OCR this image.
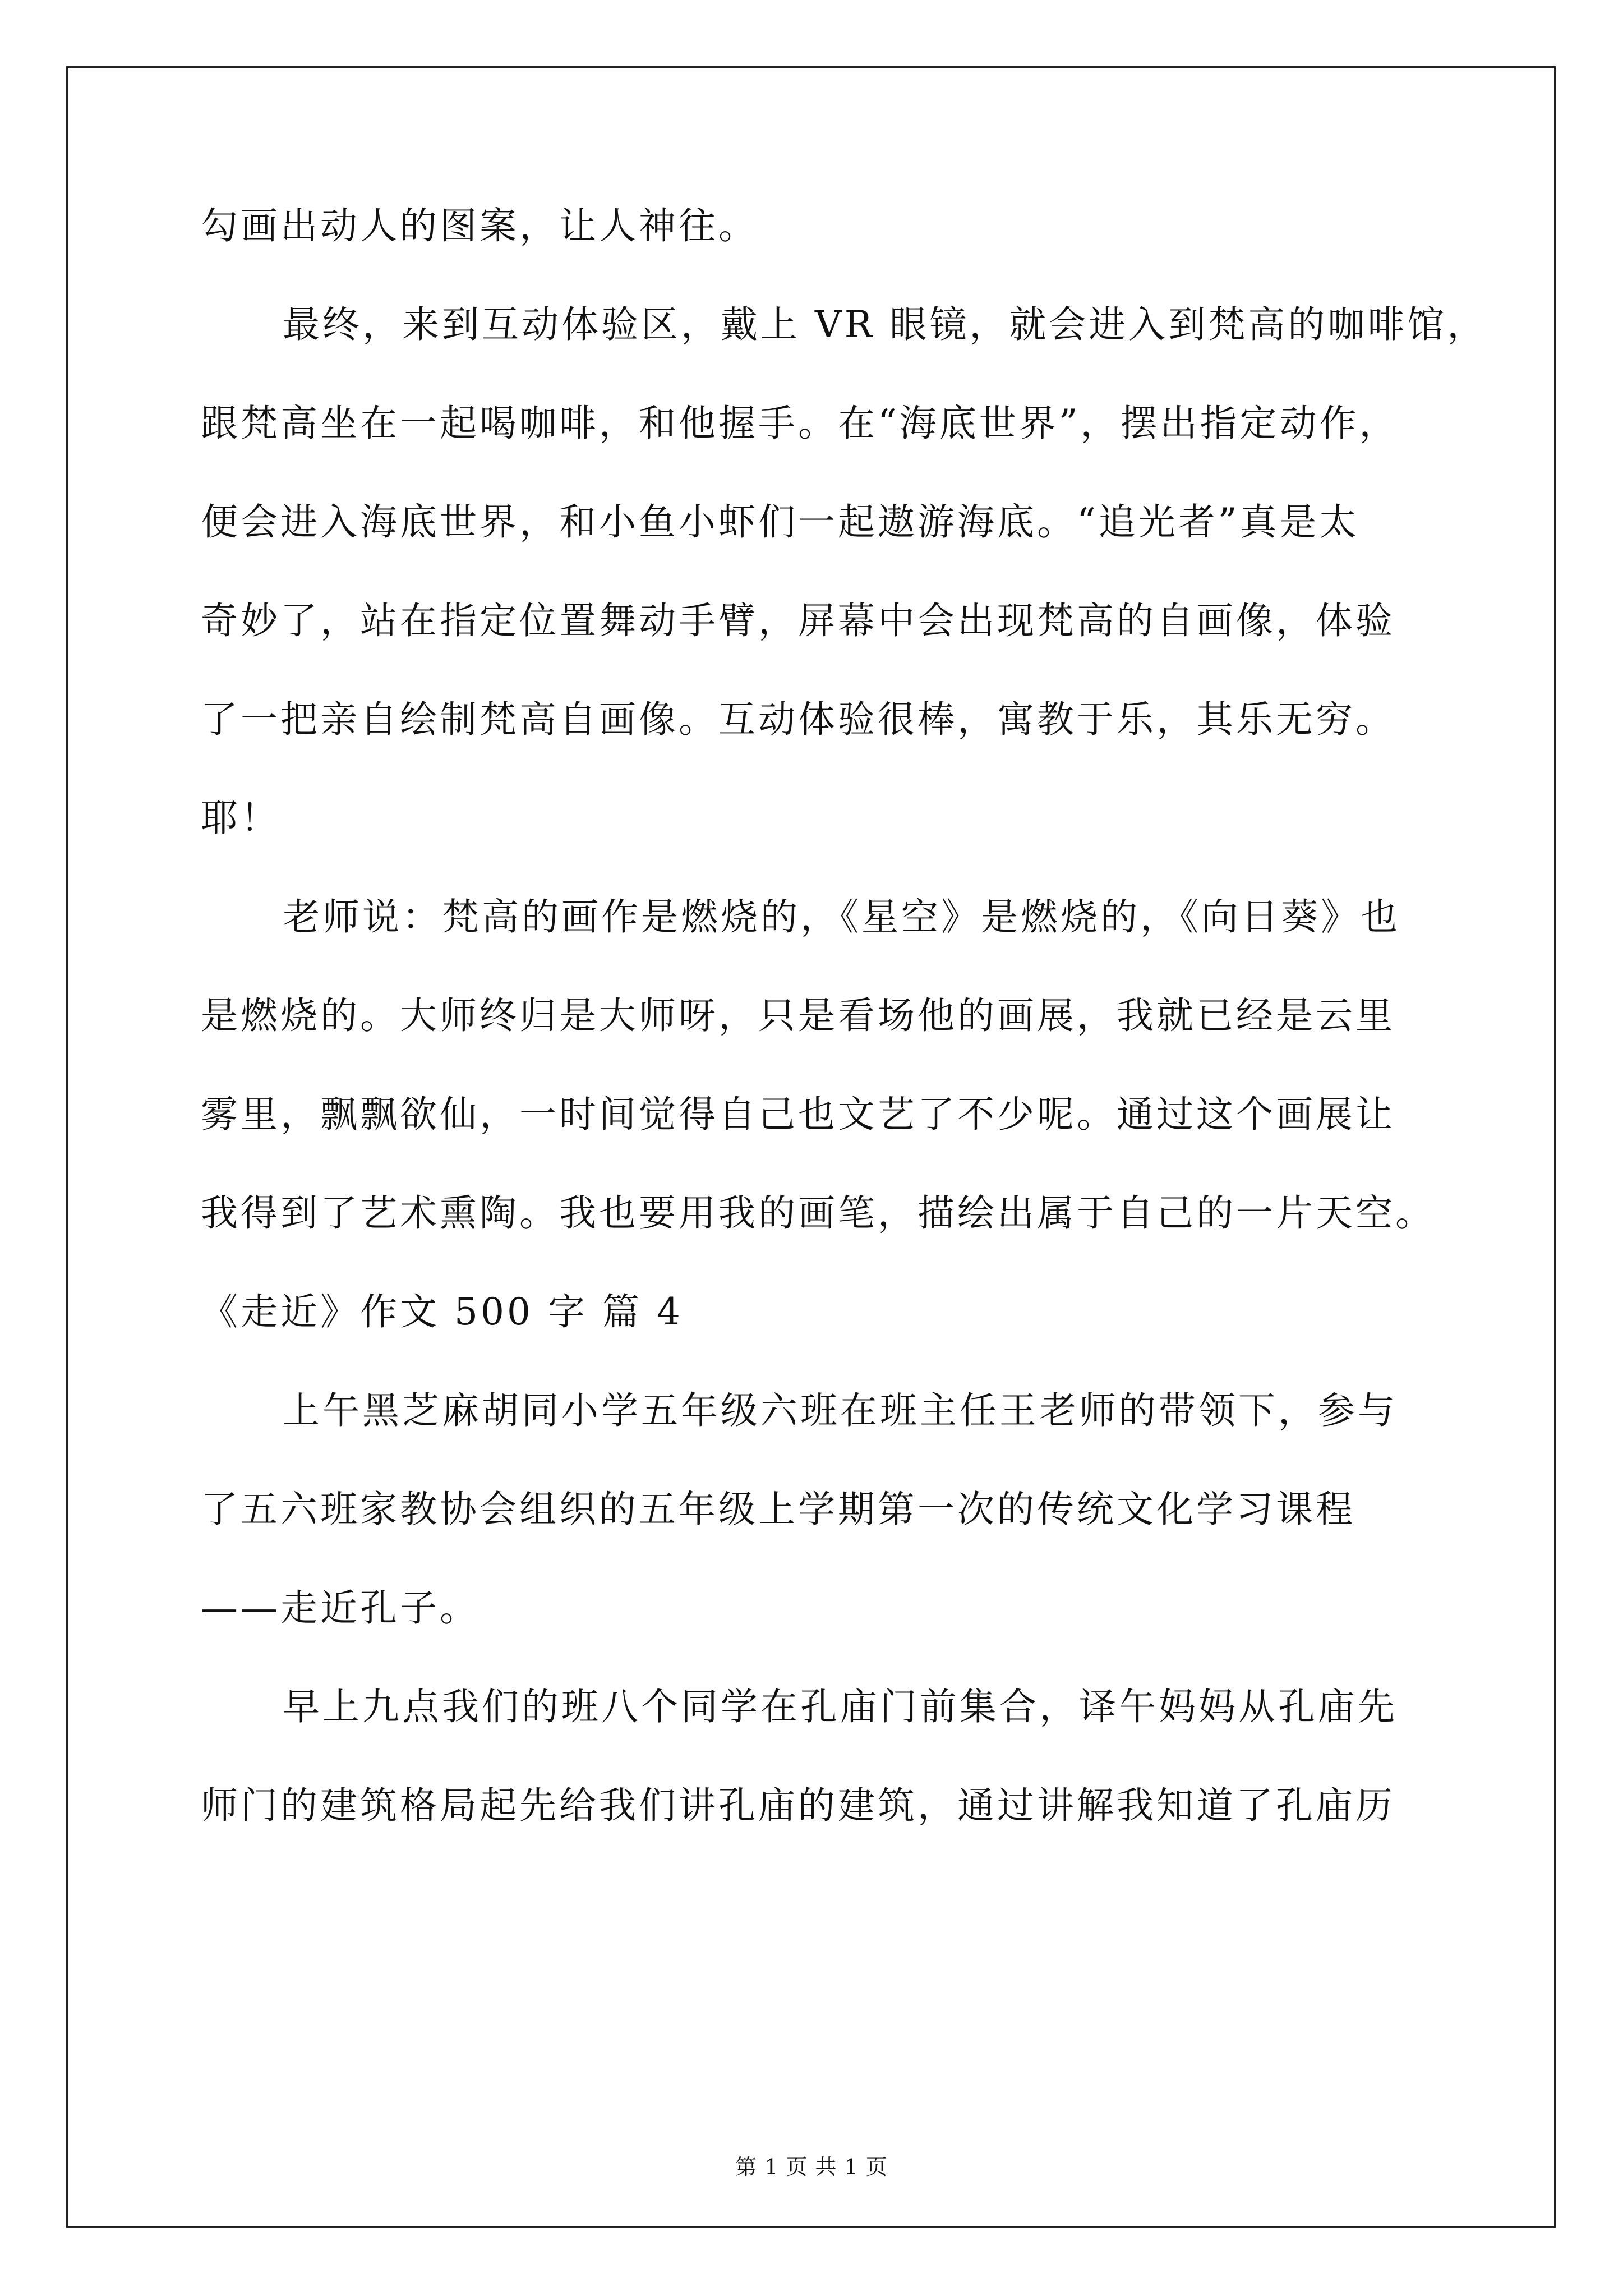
勾画出动人的图案，让人神往。
最终，来到互动体验区，戴上 VR 眼镜，就会进入到梵高的咖啡馆，
跟梵高坐在一起喝咖啡，和他握手。在“海底世界”，摆出指定动作，
便会进入海底世界，和小鱼小虾们一起遨游海底。“追光者”真是太
奇妙了，站在指定位置舞动手臂，屏幕中会出现梵高的自画像，体验
了一把亲自绘制梵高自画像。互动体验很棒，寓教于乐，其乐无穷。
耶！
老师说：梵高的画作是燃烧的，《星空》是燃烧的，《向日葵》也
是燃烧的。大师终归是大师呀，只是看场他的画展，我就已经是云里
雾里，飘飘欲仙，一时间觉得自己也文艺了不少呢。通过这个画展让
我得到了艺术熏陶。我也要用我的画笔，描绘出属于自己的一片天空。
《走近》作文 500 字 篇 4
上午黑芝麻胡同小学五年级六班在班主任王老师的带领下，参与
了五六班家教协会组织的五年级上学期第一次的传统文化学习课程
——走近孔子。
早上九点我们的班八个同学在孔庙门前集合，译午妈妈从孔庙先
师门的建筑格局起先给我们讲孔庙的建筑，通过讲解我知道了孔庙历
第 1 页 共 1 页
